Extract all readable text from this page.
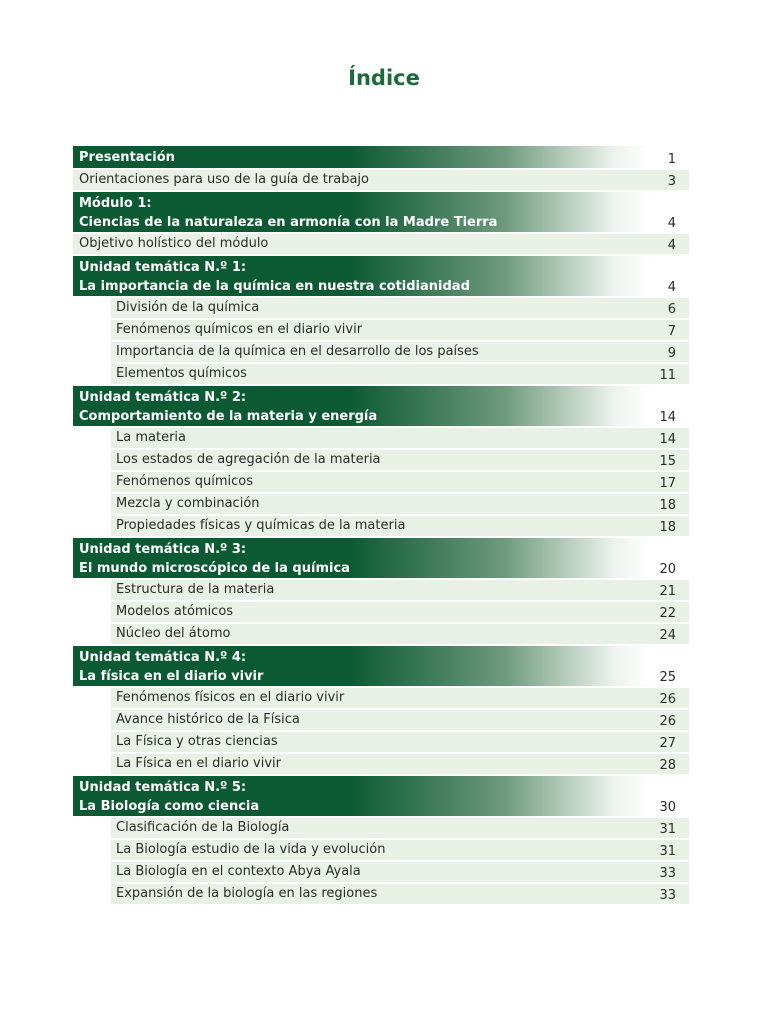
Índice
Presentación	1
Orientaciones para uso de la guía de trabajo	3
Módulo 1:
Ciencias de la naturaleza en armonía con la Madre Tierra	4
Objetivo holístico del módulo	4
Unidad temática N.º 1:
La importancia de la química en nuestra cotidianidad	4
División de la química	6
Fenómenos químicos en el diario vivir	7
Importancia de la química en el desarrollo de los países	9
Elementos químicos	11
Unidad temática N.º 2:
Comportamiento de la materia y energía	14
La materia	14
Los estados de agregación de la materia	15
Fenómenos químicos	17
Mezcla y combinación	18
Propiedades físicas y químicas de la materia	18
Unidad temática N.º 3:
El mundo microscópico de la química	20
Estructura de la materia	21
Modelos atómicos	22
Núcleo del átomo	24
Unidad temática N.º 4:
La física en el diario vivir	25
Fenómenos físicos en el diario vivir	26
Avance histórico de la Física	26
La Física y otras ciencias	27
La Física en el diario vivir	28
Unidad temática N.º 5:
La Biología como ciencia	30
Clasificación de la Biología	31
La Biología estudio de la vida y evolución	31
La Biología en el contexto Abya Ayala	33
Expansión de la biología en las regiones	33
